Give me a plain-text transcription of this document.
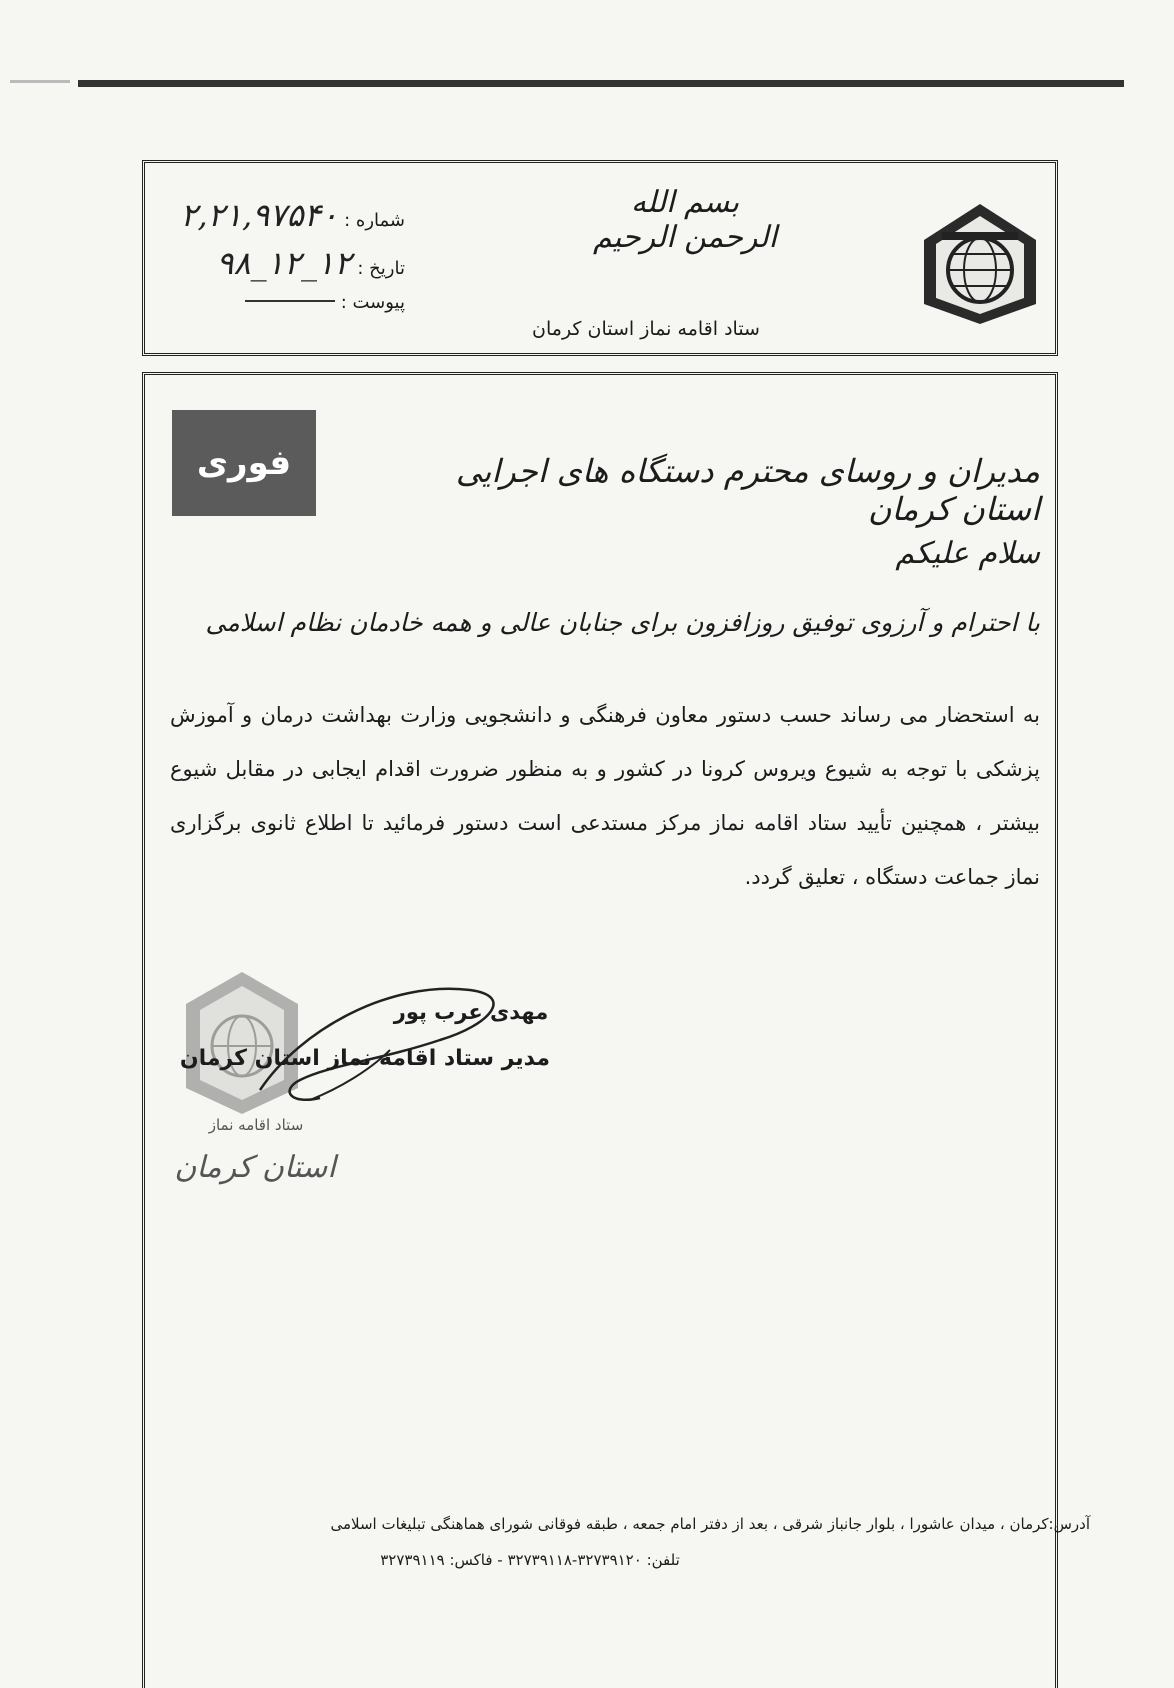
بسم الله الرحمن الرحیم
ستاد اقامه نماز استان کرمان
شماره :
۲,۲۱,۹۷۵۴۰
تاریخ :
۹۸_۱۲_۱۲
پیوست :
فوری	مدیران و روسای محترم دستگاه های اجرایی استان کرمان
سلام علیکم
با احترام و آرزوی توفیق روزافزون برای جنابان عالی و همه خادمان نظام اسلامی
به استحضار می رساند حسب دستور معاون فرهنگی و دانشجویی وزارت بهداشت درمان و آموزش پزشکی با توجه به شیوع ویروس کرونا در کشور و به منظور ضرورت اقدام ایجابی در مقابل شیوع بیشتر ، همچنین تأیید ستاد اقامه نماز مرکز مستدعی است دستور فرمائید تا اطلاع ثانوی برگزاری نماز جماعت دستگاه ، تعلیق گردد.
مهدی عرب پور
مدیر ستاد اقامه نماز استان کرمان
ستاد اقامه نماز
استان کرمان
آدرس:کرمان ، میدان عاشورا ، بلوار جانباز شرقی ، بعد از دفتر امام جمعه ، طبقه فوقانی شورای هماهنگی تبلیغات اسلامی
تلفن: ۳۲۷۳۹۱۲۰-۳۲۷۳۹۱۱۸ - فاکس: ۳۲۷۳۹۱۱۹
